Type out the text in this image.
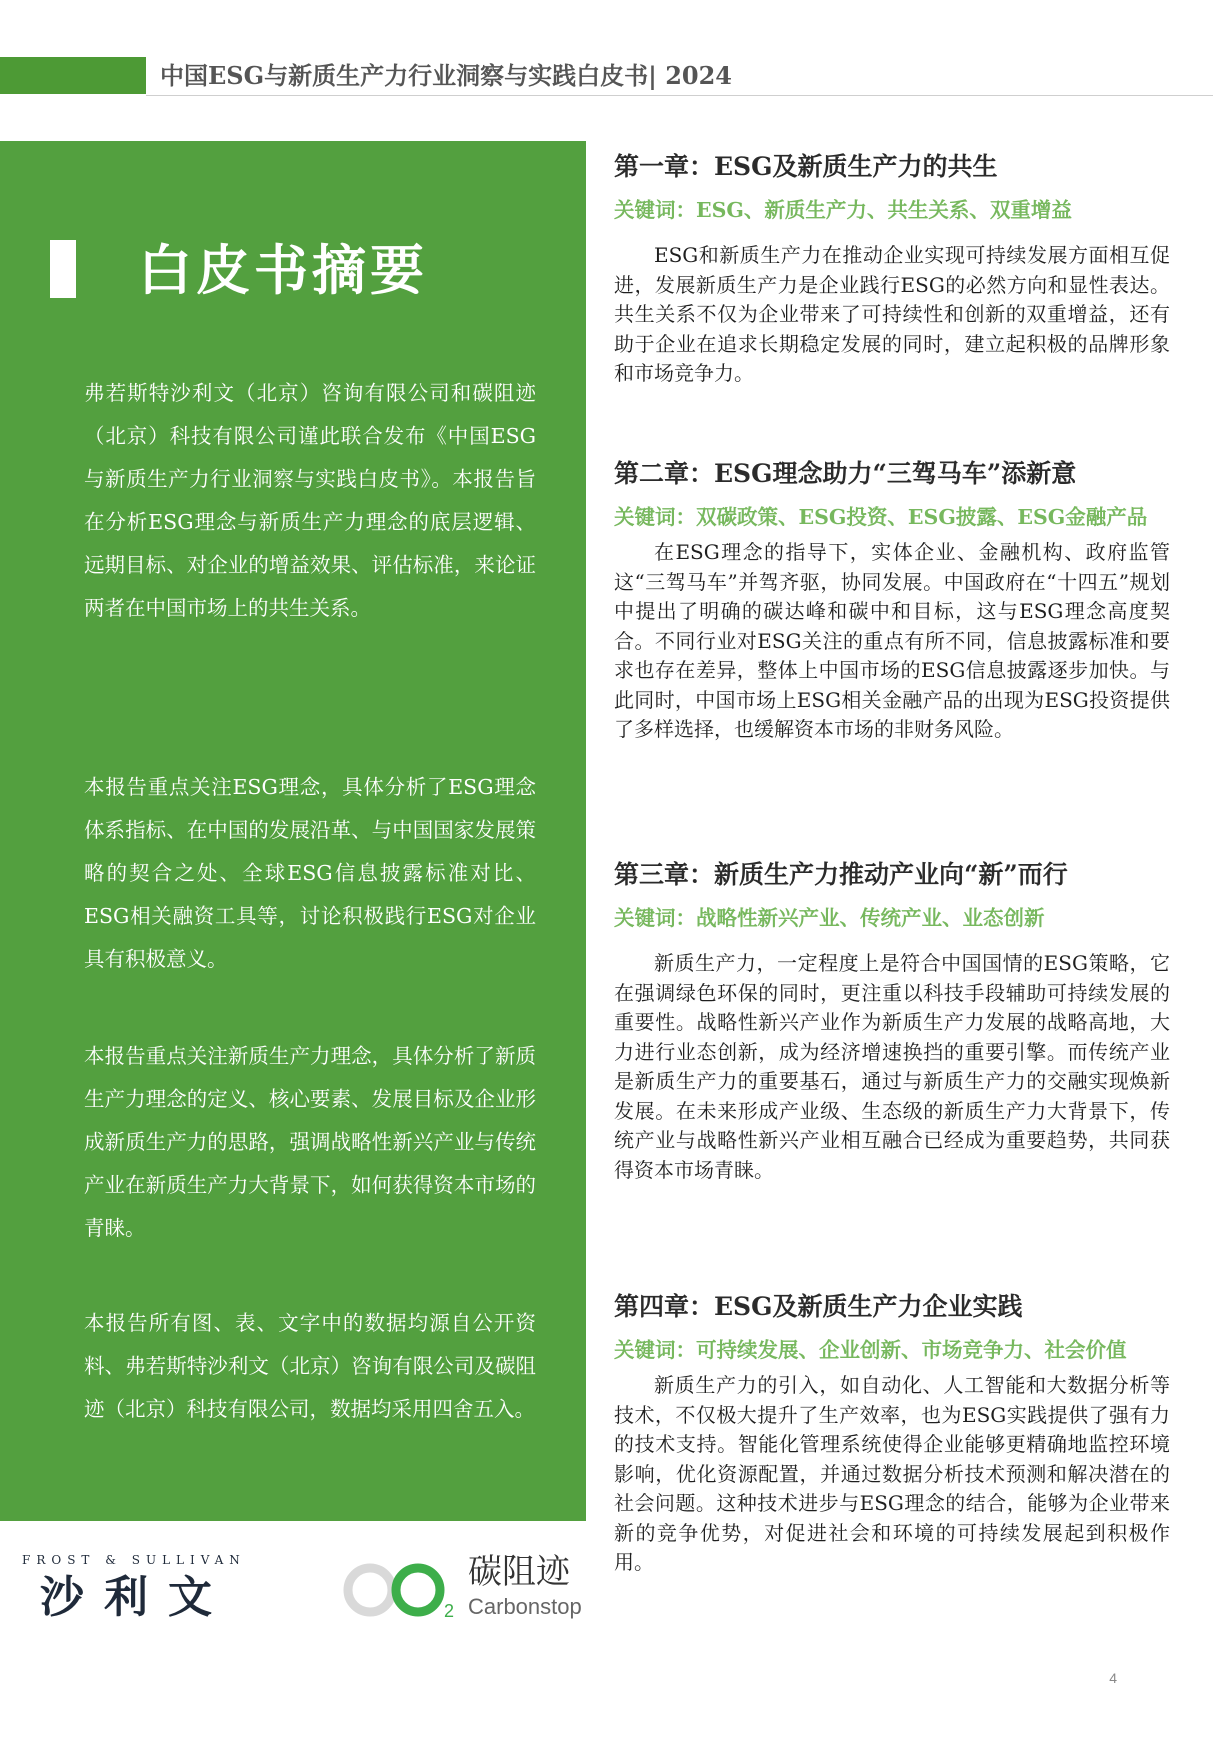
中国ESG与新质生产力行业洞察与实践白皮书| 2024
白皮书摘要

弗若斯特沙利文（北京）咨询有限公司和碳阻迹（北京）科技有限公司谨此联合发布《中国ESG与新质生产力行业洞察与实践白皮书》。本报告旨在分析ESG理念与新质生产力理念的底层逻辑、远期目标、对企业的增益效果、评估标准，来论证两者在中国市场上的共生关系。

本报告重点关注ESG理念，具体分析了ESG理念体系指标、在中国的发展沿革、与中国国家发展策略的契合之处、全球ESG信息披露标准对比、ESG相关融资工具等，讨论积极践行ESG对企业具有积极意义。

本报告重点关注新质生产力理念，具体分析了新质生产力理念的定义、核心要素、发展目标及企业形成新质生产力的思路，强调战略性新兴产业与传统产业在新质生产力大背景下，如何获得资本市场的青睐。

本报告所有图、表、文字中的数据均源自公开资料、弗若斯特沙利文（北京）咨询有限公司及碳阻迹（北京）科技有限公司，数据均采用四舍五入。

FROST & SULLIVAN
沙利文	2
碳阻迹
Carbonstop

第一章：ESG及新质生产力的共生

关键词：ESG、新质生产力、共生关系、双重增益

ESG和新质生产力在推动企业实现可持续发展方面相互促进，发展新质生产力是企业践行ESG的必然方向和显性表达。共生关系不仅为企业带来了可持续性和创新的双重增益，还有助于企业在追求长期稳定发展的同时，建立起积极的品牌形象和市场竞争力。

第二章：ESG理念助力“三驾马车”添新意

关键词：双碳政策、ESG投资、ESG披露、ESG金融产品

在ESG理念的指导下，实体企业、金融机构、政府监管这“三驾马车”并驾齐驱，协同发展。中国政府在“十四五”规划中提出了明确的碳达峰和碳中和目标，这与ESG理念高度契合。不同行业对ESG关注的重点有所不同，信息披露标准和要求也存在差异，整体上中国市场的ESG信息披露逐步加快。与此同时，中国市场上ESG相关金融产品的出现为ESG投资提供了多样选择，也缓解资本市场的非财务风险。

第三章：新质生产力推动产业向“新”而行

关键词：战略性新兴产业、传统产业、业态创新

新质生产力，一定程度上是符合中国国情的ESG策略，它在强调绿色环保的同时，更注重以科技手段辅助可持续发展的重要性。战略性新兴产业作为新质生产力发展的战略高地，大力进行业态创新，成为经济增速换挡的重要引擎。而传统产业是新质生产力的重要基石，通过与新质生产力的交融实现焕新发展。在未来形成产业级、生态级的新质生产力大背景下，传统产业与战略性新兴产业相互融合已经成为重要趋势，共同获得资本市场青睐。

第四章：ESG及新质生产力企业实践

关键词：可持续发展、企业创新、市场竞争力、社会价值

新质生产力的引入，如自动化、人工智能和大数据分析等技术，不仅极大提升了生产效率，也为ESG实践提供了强有力的技术支持。智能化管理系统使得企业能够更精确地监控环境影响，优化资源配置，并通过数据分析技术预测和解决潜在的社会问题。这种技术进步与ESG理念的结合，能够为企业带来新的竞争优势，对促进社会和环境的可持续发展起到积极作用。

4
